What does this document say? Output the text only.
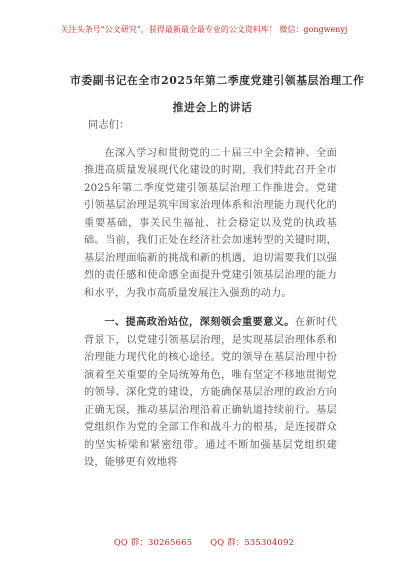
关注头条号“公文研究”，获得最新最全最专业的公文资料库！ 微信：gongwenyj
市委副书记在全市2025年第二季度党建引领基层治理工作
推进会上的讲话
同志们：

在深入学习和贯彻党的二十届三中全会精神、全面推进高质量发展现代化建设的时期，我们特此召开全市2025年第二季度党建引领基层治理工作推进会。党建引领基层治理是筑牢国家治理体系和治理能力现代化的重要基础，事关民生福祉、社会稳定以及党的执政基础。当前，我们正处在经济社会加速转型的关键时期，基层治理面临新的挑战和新的机遇，迫切需要我们以强烈的责任感和使命感全面提升党建引领基层治理的能力和水平，为我市高质量发展注入强劲的动力。

一、提高政治站位，深刻领会重要意义。在新时代背景下，以党建引领基层治理，是实现基层治理体系和治理能力现代化的核心途径。党的领导在基层治理中扮演着至关重要的全局统筹角色，唯有坚定不移地贯彻党的领导、深化党的建设，方能确保基层治理的政治方向正确无误，推动基层治理沿着正确轨道持续前行。基层党组织作为党的全部工作和战斗力的根基，是连接群众的坚实桥梁和紧密纽带。通过不断加强基层党组织建设，能够更有效地将

QQ 群：30265665 QQ 群：535304092
